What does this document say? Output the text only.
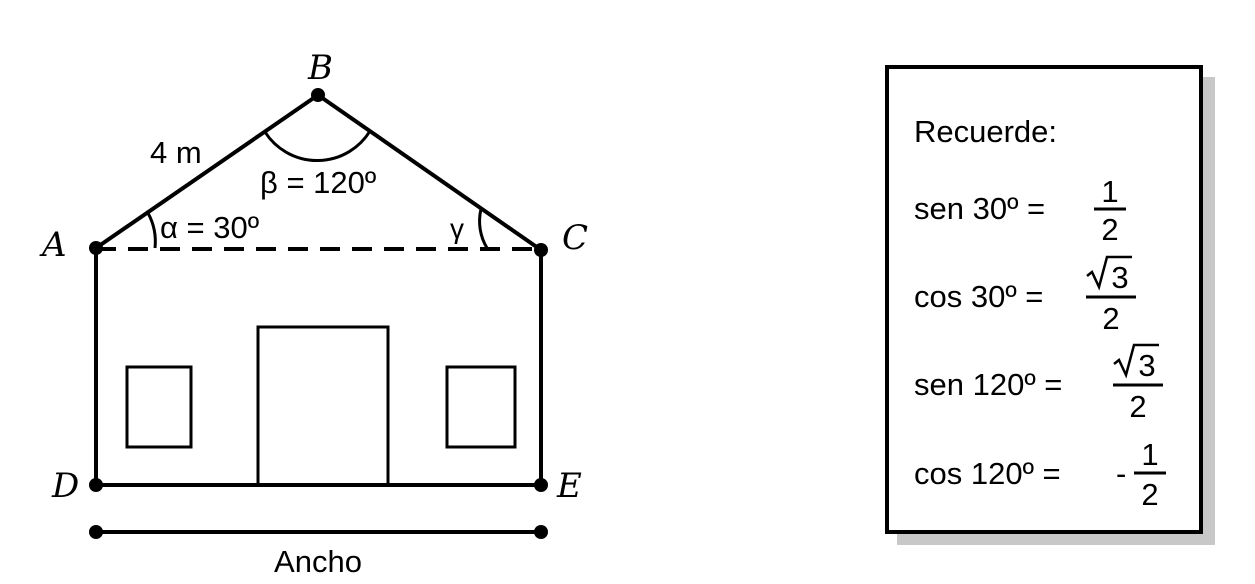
B
A	C
D	E
4 m
β = 120º
α = 30º	γ
Ancho
Recuerde:
sen 30º = 1
2
cos 30º =
3
2
sen 120º =
3
2
cos 120º = -
1
2
